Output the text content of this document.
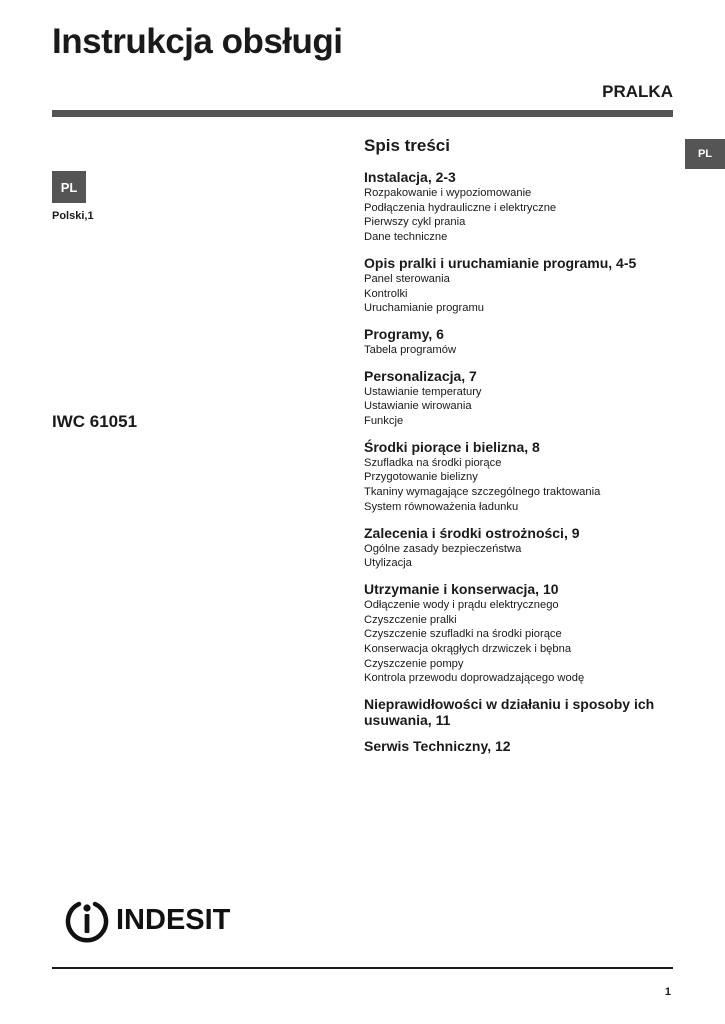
Instrukcja obsługi
PRALKA
PL
PL
Polski,1
IWC 61051
Spis treści
Instalacja, 2-3
Rozpakowanie i wypoziomowanie
Podłączenia hydrauliczne i elektryczne
Pierwszy cykl prania
Dane techniczne
Opis pralki i uruchamianie programu, 4-5
Panel sterowania
Kontrolki
Uruchamianie programu
Programy, 6
Tabela programów
Personalizacja, 7
Ustawianie temperatury
Ustawianie wirowania
Funkcje
Środki piorące i bielizna, 8
Szufladka na środki piorące
Przygotowanie bielizny
Tkaniny wymagające szczególnego traktowania
System równoważenia ładunku
Zalecenia i środki ostrożności, 9
Ogólne zasady bezpieczeństwa
Utylizacja
Utrzymanie i konserwacja, 10
Odłączenie wody i prądu elektrycznego
Czyszczenie pralki
Czyszczenie szufladki na środki piorące
Konserwacja okrągłych drzwiczek i bębna
Czyszczenie pompy
Kontrola przewodu doprowadzającego wodę
Nieprawidłowości w działaniu i sposoby ich usuwania, 11
Serwis Techniczny, 12
INDESIT
1
